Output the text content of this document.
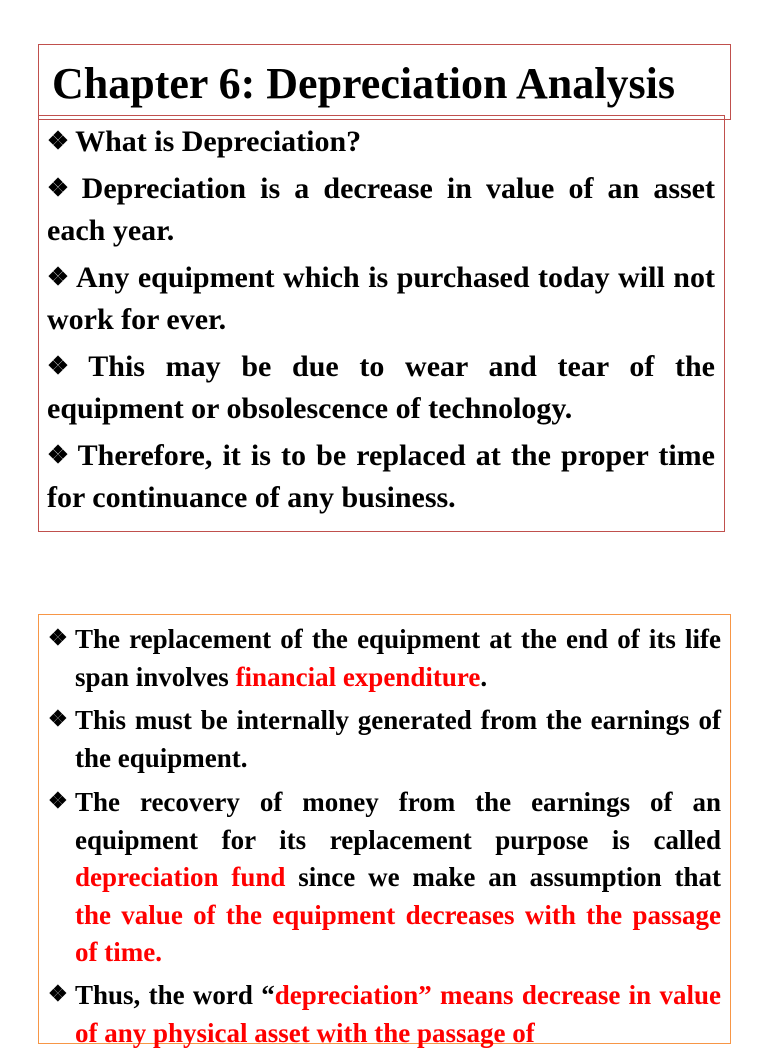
Chapter 6: Depreciation Analysis
❖ What is Depreciation?
❖ Depreciation is a decrease in value of an asset each year.
❖ Any equipment which is purchased today will not work for ever.
❖ This may be due to wear and tear of the equipment or obsolescence of technology.
❖ Therefore, it is to be replaced at the proper time for continuance of any business.
❖ The replacement of the equipment at the end of its life span involves financial expenditure.
❖ This must be internally generated from the earnings of the equipment.
❖ The recovery of money from the earnings of an equipment for its replacement purpose is called depreciation fund since we make an assumption that the value of the equipment decreases with the passage of time.
❖ Thus, the word “depreciation” means decrease in value of any physical asset with the passage of
